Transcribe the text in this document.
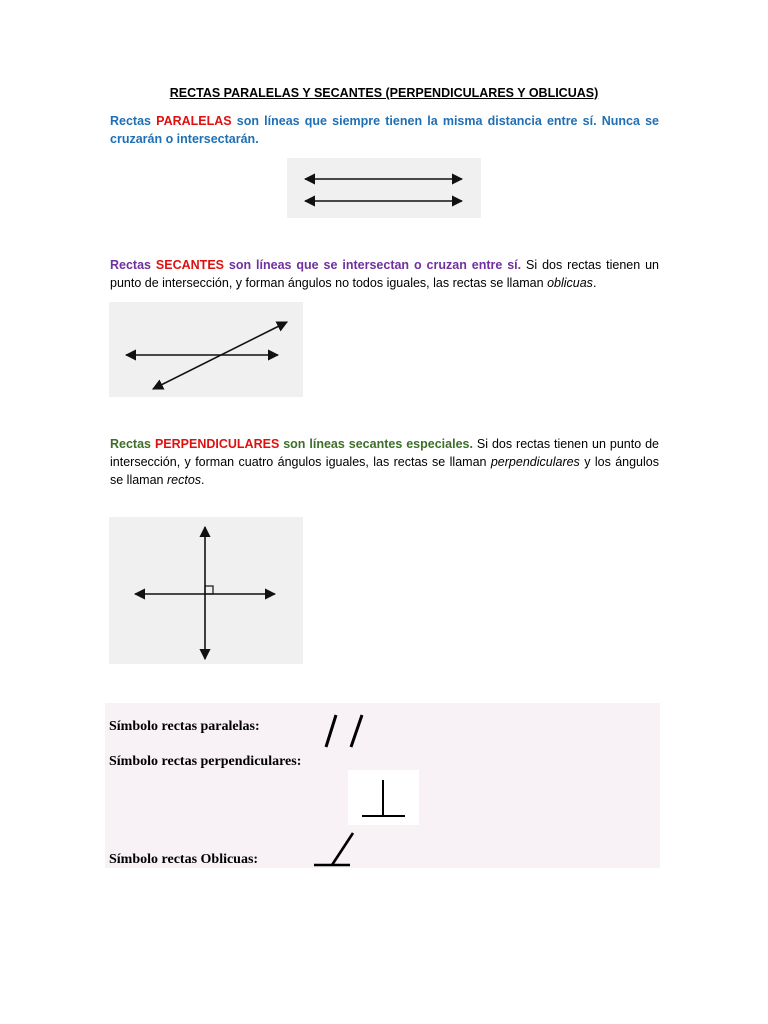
RECTAS PARALELAS Y SECANTES (PERPENDICULARES Y OBLICUAS)
Rectas PARALELAS son líneas que siempre tienen la misma distancia entre sí. Nunca se cruzarán o intersectarán.
Rectas SECANTES son líneas que se intersectan o cruzan entre sí. Si dos rectas tienen un punto de intersección, y forman ángulos no todos iguales, las rectas se llaman oblicuas.
Rectas PERPENDICULARES son líneas secantes especiales. Si dos rectas tienen un punto de intersección, y forman cuatro ángulos iguales, las rectas se llaman perpendiculares y los ángulos se llaman rectos.
Símbolo rectas paralelas:
Símbolo rectas perpendiculares:
Símbolo rectas Oblicuas:
